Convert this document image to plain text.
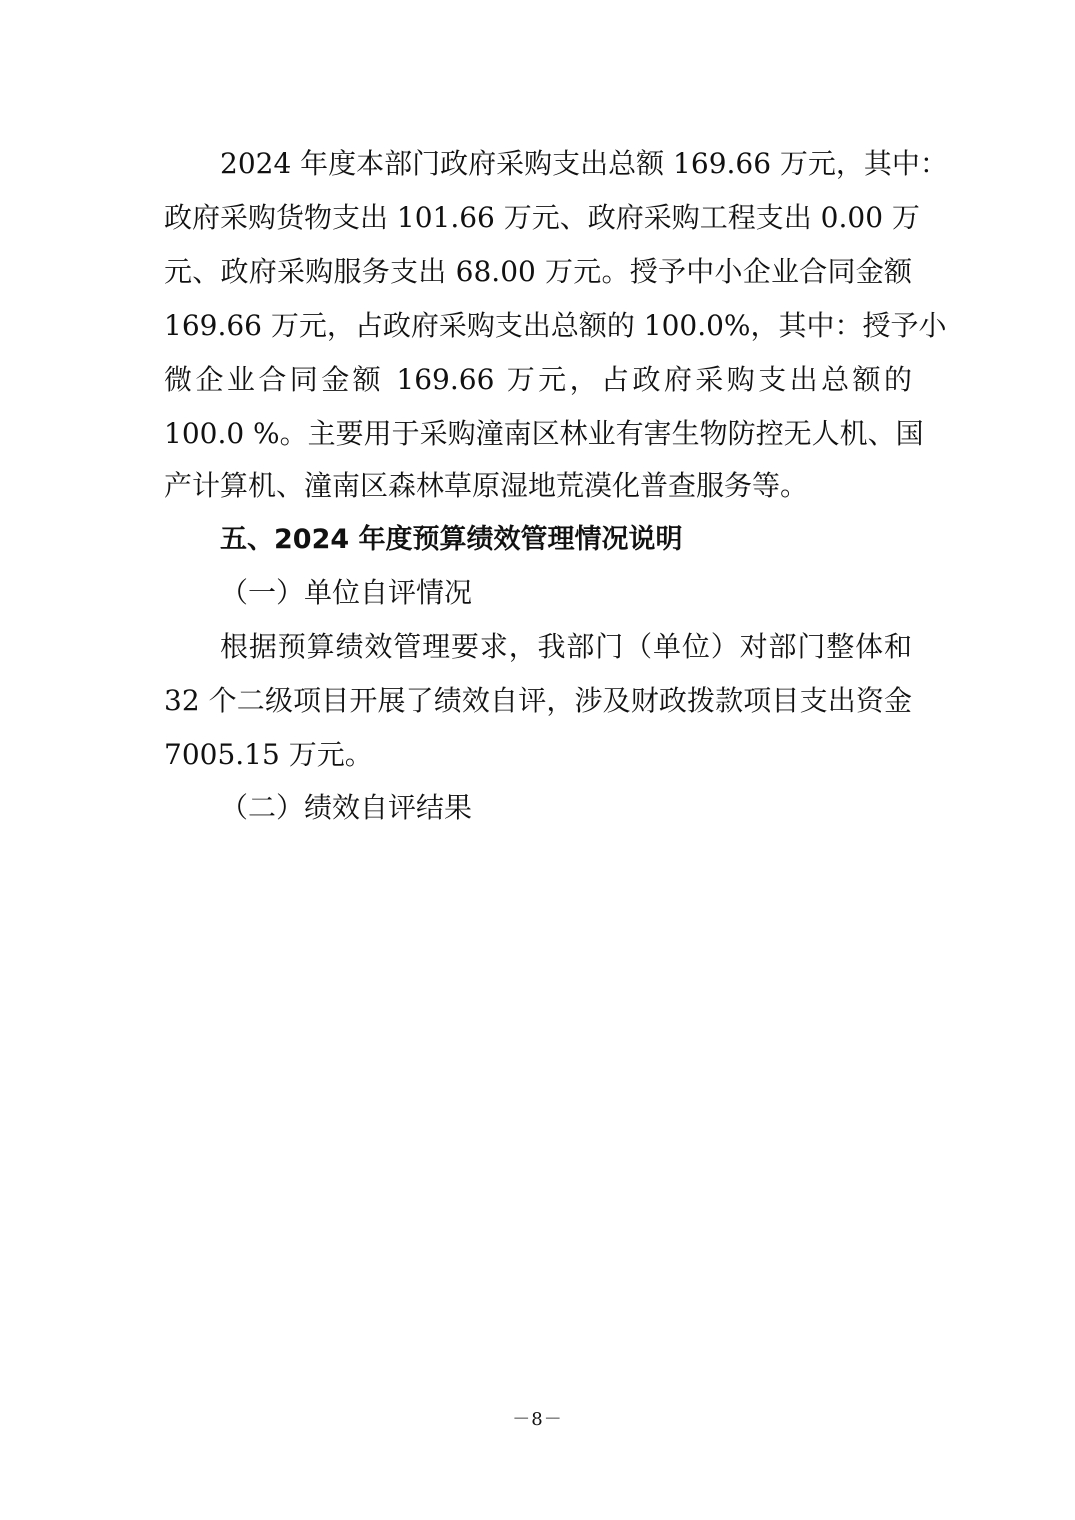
2024 年度本部门政府采购支出总额 169.66 万元，其中：
政府采购货物支出 101.66 万元、政府采购工程支出 0.00 万
元、政府采购服务支出 68.00 万元。授予中小企业合同金额
169.66 万元，占政府采购支出总额的 100.0%，其中：授予小
微企业合同金额 169.66 万元，占政府采购支出总额的
100.0 %。主要用于采购潼南区林业有害生物防控无人机、国
产计算机、潼南区森林草原湿地荒漠化普查服务等。
五、2024 年度预算绩效管理情况说明
（一）单位自评情况
根据预算绩效管理要求，我部门（单位）对部门整体和
32 个二级项目开展了绩效自评，涉及财政拨款项目支出资金
7005.15 万元。
（二）绩效自评结果
－8－
